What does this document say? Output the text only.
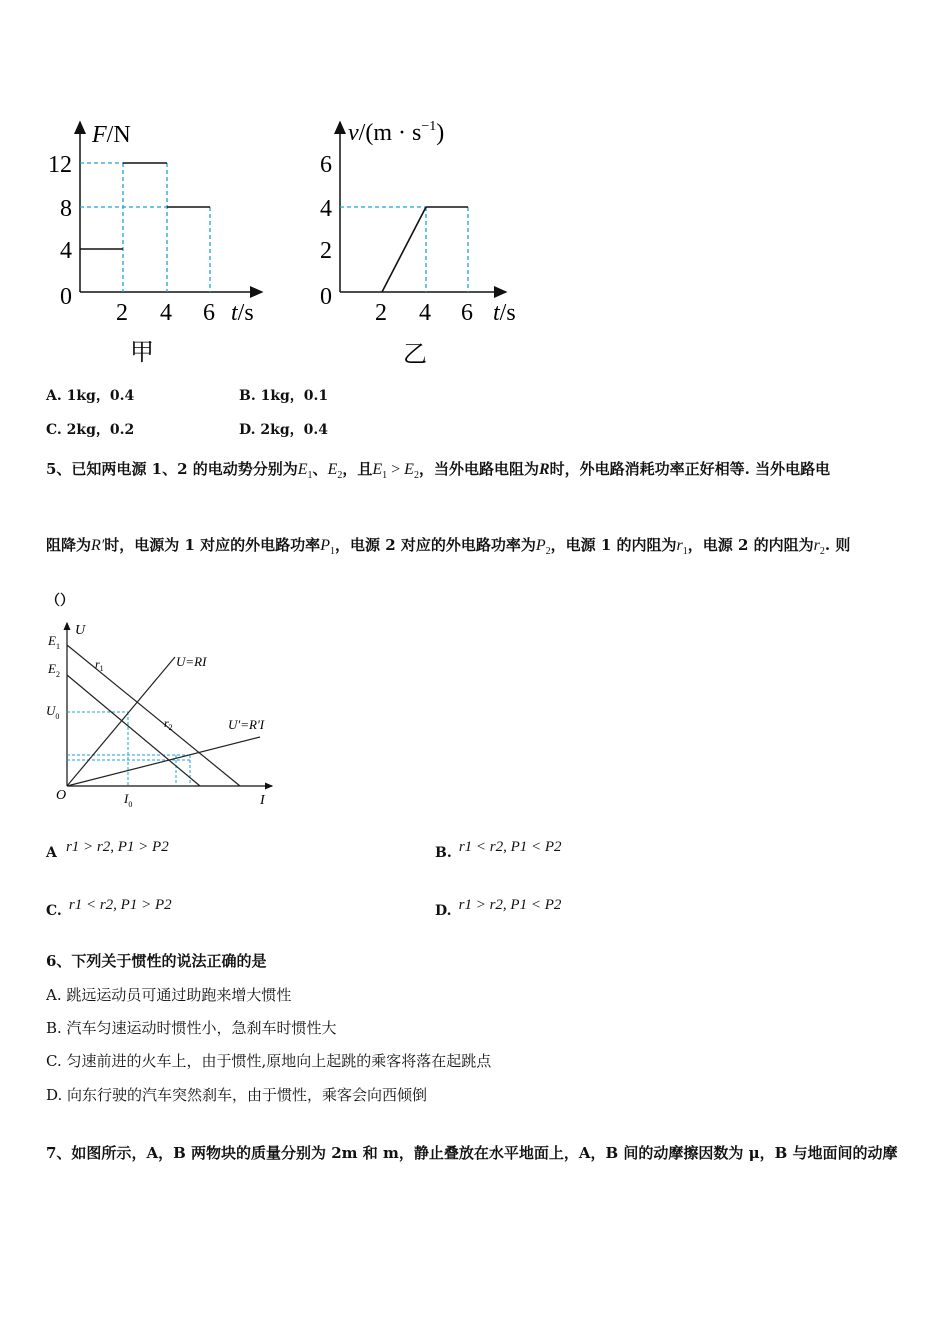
F/N
12
8
4
0
2 4 6 t/s
甲
$v/(m \cdot s^{-1})$
6
4
2
0
2 4 6 t/s
乙
A. 1kg，0.4	B. 1kg，0.1
C. 2kg，0.2	D. 2kg，0.4
5、已知两电源 1、2 的电动势分别为$E_1$、$E_2$，且$E_1 > E_2$，当外电路电阻为R时，外电路消耗功率正好相等. 当外电路电
阻降为R′时，电源为 1 对应的外电路功率$P_1$，电源 2 对应的外电路功率为$P_2$，电源 1 的内阻为$r_1$，电源 2 的内阻为$r_2$. 则
（）
U
I
O
$E_1$
$E_2$
$U_0$
$I_0$
$r_1$
$r_2$
U=RI
U′=R′I
A r1 > r2, P1 > P2	B. r1 < r2, P1 < P2
C. r1 < r2, P1 > P2	D. r1 > r2, P1 < P2
6、下列关于惯性的说法正确的是
A. 跳远运动员可通过助跑来增大惯性
B. 汽车匀速运动时惯性小，急刹车时惯性大
C. 匀速前进的火车上，由于惯性,原地向上起跳的乘客将落在起跳点
D. 向东行驶的汽车突然刹车，由于惯性，乘客会向西倾倒
7、如图所示，A，B 两物块的质量分别为 2m 和 m，静止叠放在水平地面上，A，B 间的动摩擦因数为 μ，B 与地面间的动摩
